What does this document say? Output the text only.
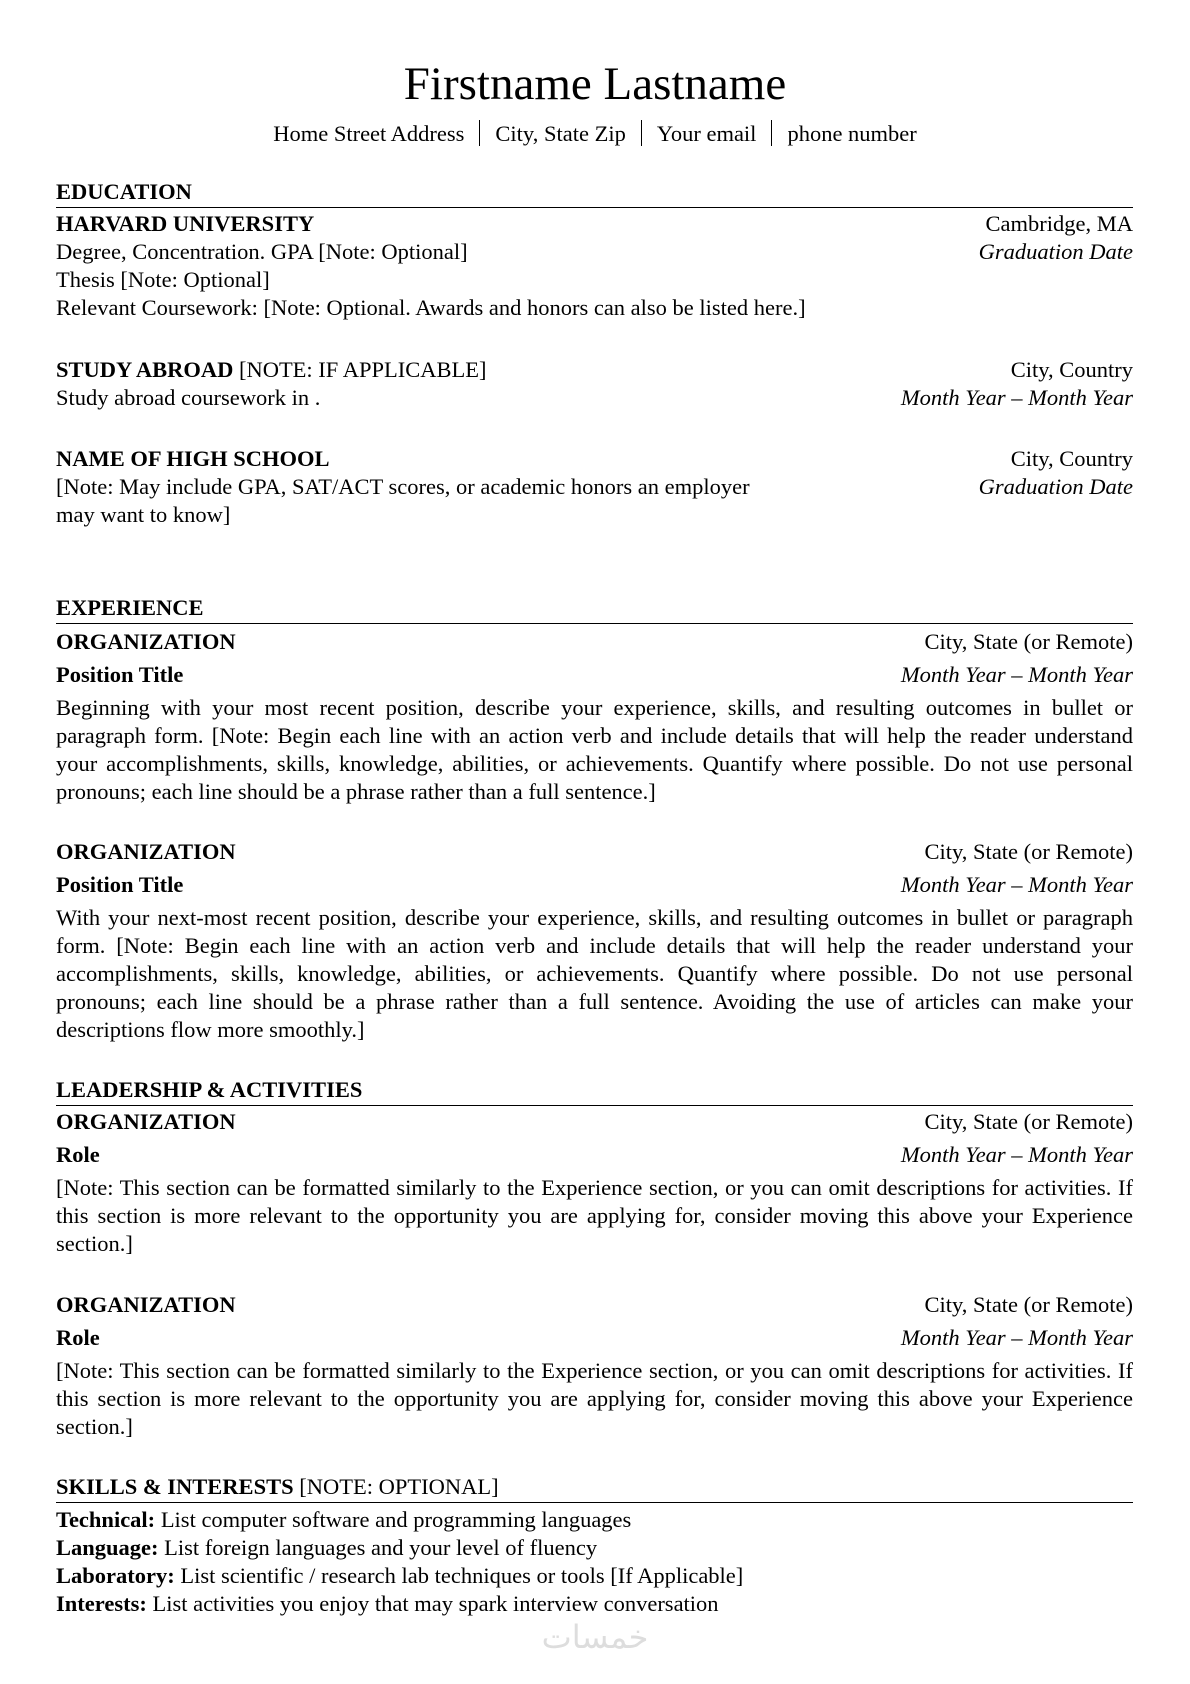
Firstname Lastname
Home Street Address City, State Zip Your email phone number
EDUCATION
HARVARD UNIVERSITY	Cambridge, MA
Degree, Concentration. GPA [Note: Optional]	Graduation Date
Thesis [Note: Optional]
Relevant Coursework: [Note: Optional. Awards and honors can also be listed here.]
STUDY ABROAD [NOTE: IF APPLICABLE]	City, Country
Study abroad coursework in .	Month Year – Month Year
NAME OF HIGH SCHOOL	City, Country
[Note: May include GPA, SAT/ACT scores, or academic honors an employer	Graduation Date
may want to know]
EXPERIENCE
ORGANIZATION	City, State (or Remote)
Position Title	Month Year – Month Year
Beginning with your most recent position, describe your experience, skills, and resulting outcomes in bullet or paragraph form. [Note: Begin each line with an action verb and include details that will help the reader understand your accomplishments, skills, knowledge, abilities, or achievements. Quantify where possible. Do not use personal pronouns; each line should be a phrase rather than a full sentence.]
ORGANIZATION	City, State (or Remote)
Position Title	Month Year – Month Year
With your next-most recent position, describe your experience, skills, and resulting outcomes in bullet or paragraph form. [Note: Begin each line with an action verb and include details that will help the reader understand your accomplishments, skills, knowledge, abilities, or achievements. Quantify where possible. Do not use personal pronouns; each line should be a phrase rather than a full sentence. Avoiding the use of articles can make your descriptions flow more smoothly.]
LEADERSHIP & ACTIVITIES
ORGANIZATION	City, State (or Remote)
Role	Month Year – Month Year
[Note: This section can be formatted similarly to the Experience section, or you can omit descriptions for activities. If this section is more relevant to the opportunity you are applying for, consider moving this above your Experience section.]
ORGANIZATION	City, State (or Remote)
Role	Month Year – Month Year
[Note: This section can be formatted similarly to the Experience section, or you can omit descriptions for activities. If this section is more relevant to the opportunity you are applying for, consider moving this above your Experience section.]
SKILLS & INTERESTS [NOTE: OPTIONAL]
Technical: List computer software and programming languages
Language: List foreign languages and your level of fluency
Laboratory: List scientific / research lab techniques or tools [If Applicable]
Interests: List activities you enjoy that may spark interview conversation
خمسات
